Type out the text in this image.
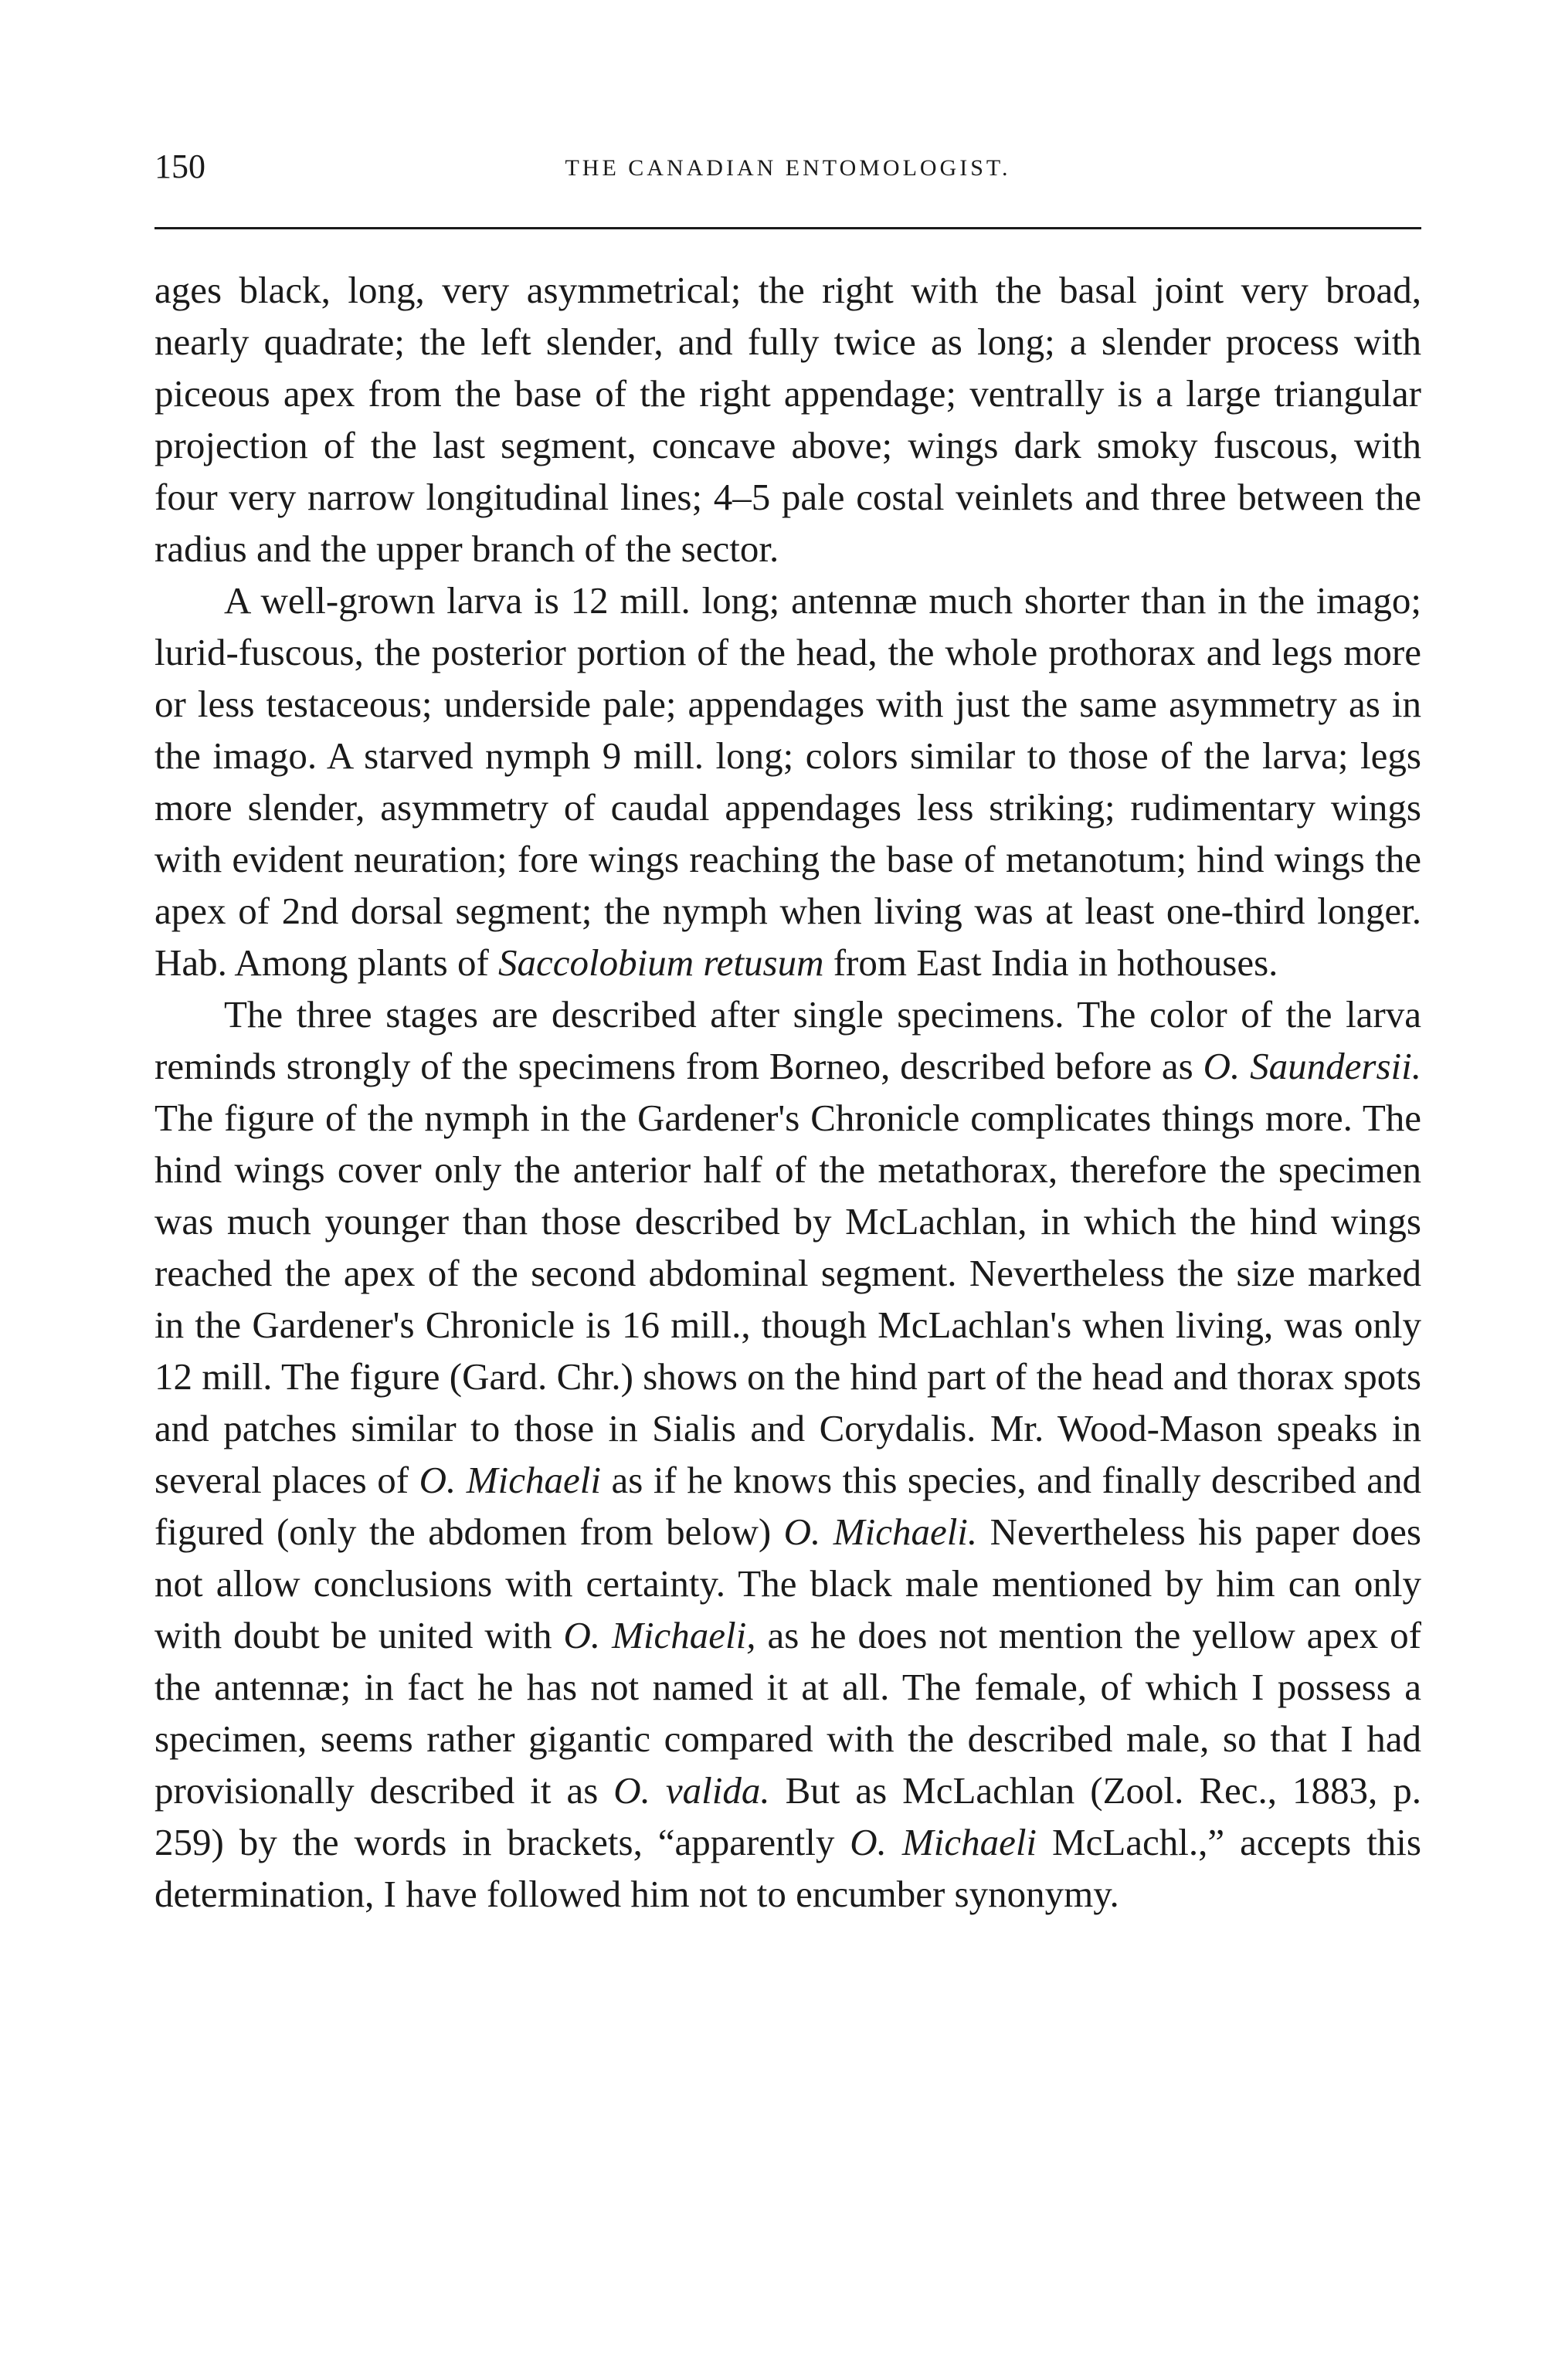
150	THE CANADIAN ENTOMOLOGIST.

ages black, long, very asymmetrical; the right with the basal joint very broad, nearly quadrate; the left slender, and fully twice as long; a slender process with piceous apex from the base of the right appendage; ventrally is a large triangular projection of the last segment, concave above; wings dark smoky fuscous, with four very narrow longitudinal lines; 4–5 pale costal veinlets and three between the radius and the upper branch of the sector.

A well-grown larva is 12 mill. long; antennæ much shorter than in the imago; lurid-fuscous, the posterior portion of the head, the whole prothorax and legs more or less testaceous; underside pale; appendages with just the same asymmetry as in the imago. A starved nymph 9 mill. long; colors similar to those of the larva; legs more slender, asymmetry of caudal appendages less striking; rudimentary wings with evident neuration; fore wings reaching the base of metanotum; hind wings the apex of 2nd dorsal segment; the nymph when living was at least one-third longer. Hab. Among plants of Saccolobium retusum from East India in hothouses.

The three stages are described after single specimens. The color of the larva reminds strongly of the specimens from Borneo, described before as O. Saundersii. The figure of the nymph in the Gardener's Chronicle complicates things more. The hind wings cover only the anterior half of the metathorax, therefore the specimen was much younger than those described by McLachlan, in which the hind wings reached the apex of the second abdominal segment. Nevertheless the size marked in the Gardener's Chronicle is 16 mill., though McLachlan's when living, was only 12 mill. The figure (Gard. Chr.) shows on the hind part of the head and thorax spots and patches similar to those in Sialis and Corydalis. Mr. Wood-Mason speaks in several places of O. Michaeli as if he knows this species, and finally described and figured (only the abdomen from below) O. Michaeli. Nevertheless his paper does not allow conclusions with certainty. The black male mentioned by him can only with doubt be united with O. Michaeli, as he does not mention the yellow apex of the antennæ; in fact he has not named it at all. The female, of which I possess a specimen, seems rather gigantic compared with the described male, so that I had provisionally described it as O. valida. But as McLachlan (Zool. Rec., 1883, p. 259) by the words in brackets, “apparently O. Michaeli McLachl.,” accepts this determination, I have followed him not to encumber synonymy.
